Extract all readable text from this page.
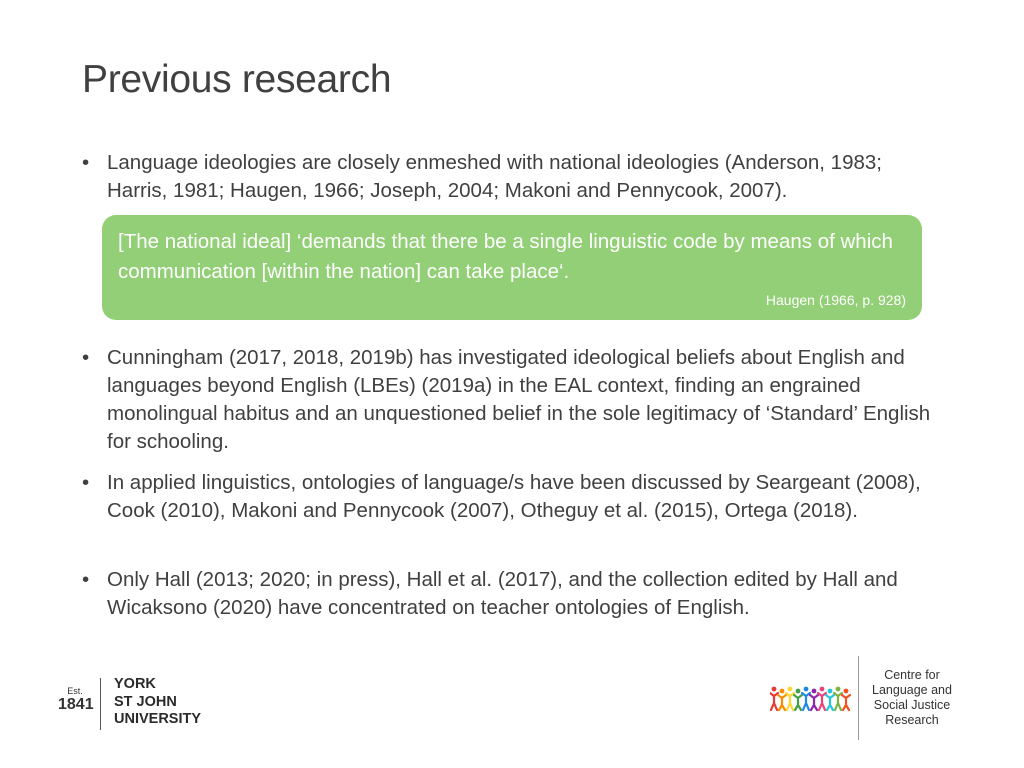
Previous research
• Language ideologies are closely enmeshed with national ideologies (Anderson, 1983; Harris, 1981; Haugen, 1966; Joseph, 2004; Makoni and Pennycook, 2007).
[The national ideal] ‘demands that there be a single linguistic code by means of which communication [within the nation] can take place‘.
Haugen (1966, p. 928)
• Cunningham (2017, 2018, 2019b) has investigated ideological beliefs about English and languages beyond English (LBEs) (2019a) in the EAL context, finding an engrained monolingual habitus and an unquestioned belief in the sole legitimacy of ‘Standard’ English for schooling.
• In applied linguistics, ontologies of language/s have been discussed by Seargeant (2008), Cook (2010), Makoni and Pennycook (2007), Otheguy et al. (2015), Ortega (2018).
• Only Hall (2013; 2020; in press), Hall et al. (2017), and the collection edited by Hall and Wicaksono (2020) have concentrated on teacher ontologies of English.
Est.
1841
YORK
ST JOHN
UNIVERSITY
Centre for
Language and
Social Justice
Research
